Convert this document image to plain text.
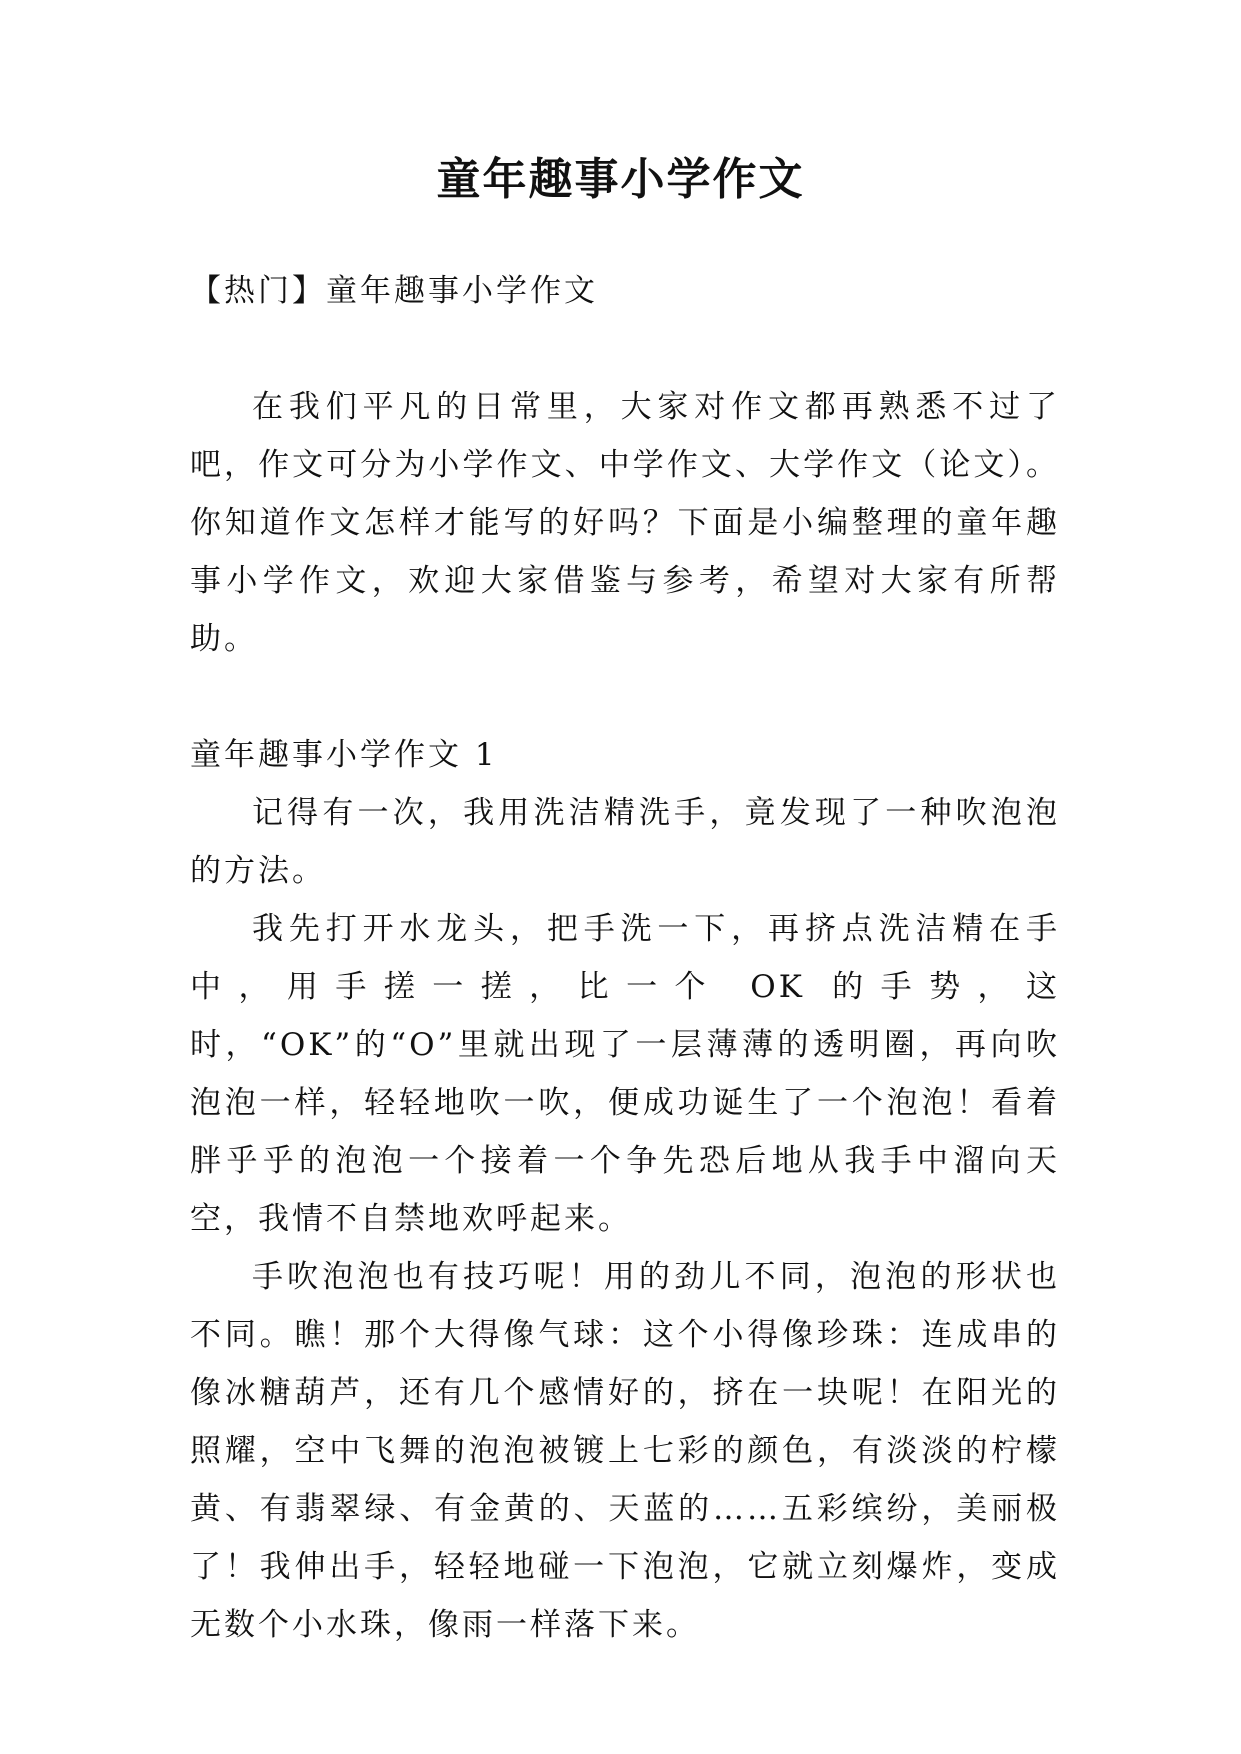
童年趣事小学作文

【热门】童年趣事小学作文

在我们平凡的日常里，大家对作文都再熟悉不过了吧，作文可分为小学作文、中学作文、大学作文（论文）。你知道作文怎样才能写的好吗？下面是小编整理的童年趣事小学作文，欢迎大家借鉴与参考，希望对大家有所帮助。

童年趣事小学作文 1

记得有一次，我用洗洁精洗手，竟发现了一种吹泡泡的方法。

我先打开水龙头，把手洗一下，再挤点洗洁精在手中，用手搓一搓，比一个 OK 的手势，这时，“OK”的“O”里就出现了一层薄薄的透明圈，再向吹泡泡一样，轻轻地吹一吹，便成功诞生了一个泡泡！看着胖乎乎的泡泡一个接着一个争先恐后地从我手中溜向天空，我情不自禁地欢呼起来。

手吹泡泡也有技巧呢！用的劲儿不同，泡泡的形状也不同。瞧！那个大得像气球：这个小得像珍珠：连成串的像冰糖葫芦，还有几个感情好的，挤在一块呢！在阳光的照耀，空中飞舞的泡泡被镀上七彩的颜色，有淡淡的柠檬黄、有翡翠绿、有金黄的、天蓝的……五彩缤纷，美丽极了！我伸出手，轻轻地碰一下泡泡，它就立刻爆炸，变成无数个小水珠，像雨一样落下来。
